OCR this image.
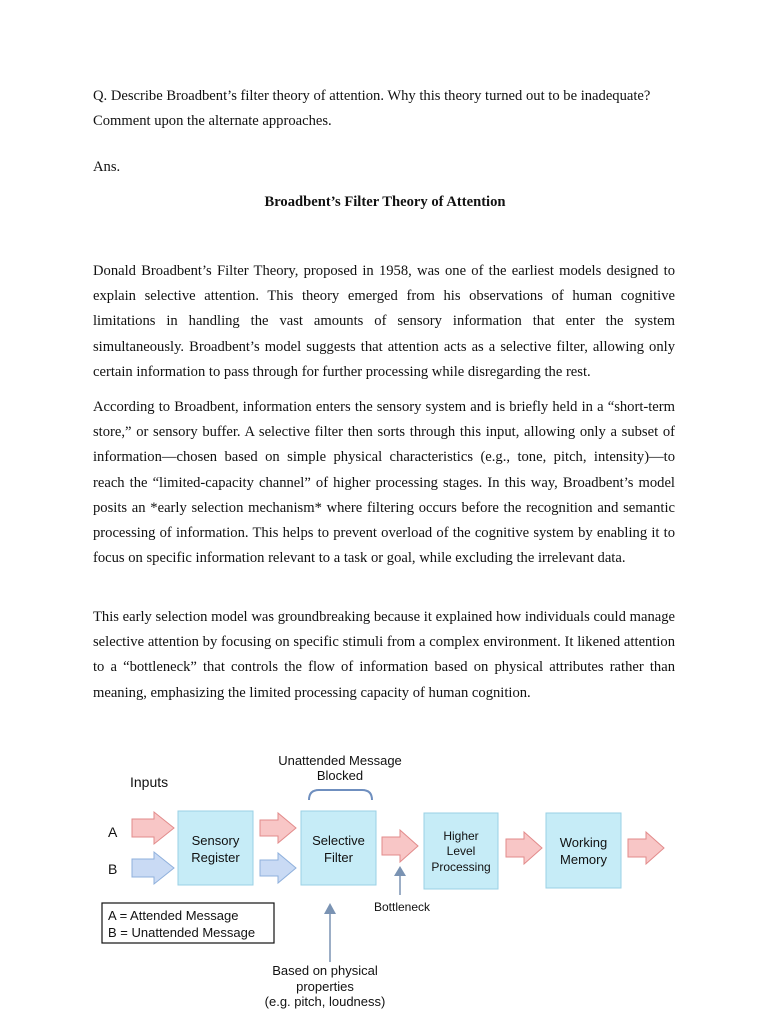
Q. Describe Broadbent’s filter theory of attention. Why this theory turned out to be inadequate? Comment upon the alternate approaches.

Ans.

Broadbent’s Filter Theory of Attention

Donald Broadbent’s Filter Theory, proposed in 1958, was one of the earliest models designed to explain selective attention. This theory emerged from his observations of human cognitive limitations in handling the vast amounts of sensory information that enter the system simultaneously. Broadbent’s model suggests that attention acts as a selective filter, allowing only certain information to pass through for further processing while disregarding the rest.

According to Broadbent, information enters the sensory system and is briefly held in a “short-term store,” or sensory buffer. A selective filter then sorts through this input, allowing only a subset of information—chosen based on simple physical characteristics (e.g., tone, pitch, intensity)—to reach the “limited-capacity channel” of higher processing stages. In this way, Broadbent’s model posits an *early selection mechanism* where filtering occurs before the recognition and semantic processing of information. This helps to prevent overload of the cognitive system by enabling it to focus on specific information relevant to a task or goal, while excluding the irrelevant data.

This early selection model was groundbreaking because it explained how individuals could manage selective attention by focusing on specific stimuli from a complex environment. It likened attention to a “bottleneck” that controls the flow of information based on physical attributes rather than meaning, emphasizing the limited processing capacity of human cognition.

Inputs
Unattended Message
Blocked
A
B
Sensory
Register
Selective
Filter
Higher
Level
Processing
Working
Memory
Bottleneck
A = Attended Message
B = Unattended Message
Based on physical
properties
(e.g. pitch, loudness)
